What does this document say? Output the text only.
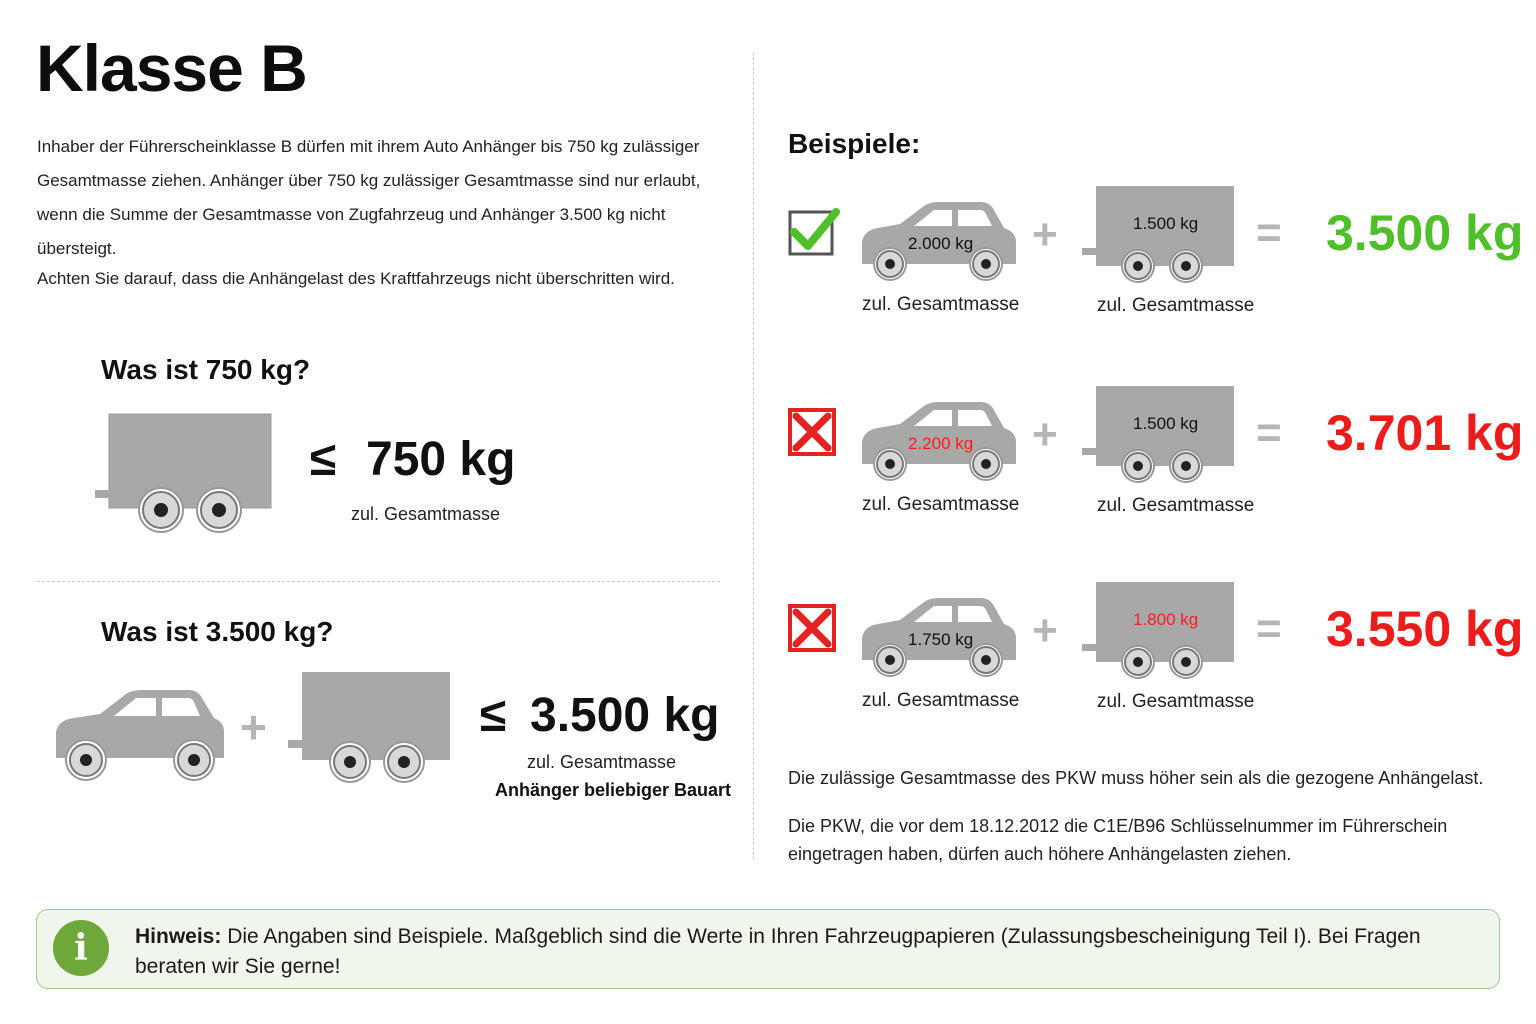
Klasse B
Inhaber der Führerscheinklasse B dürfen mit ihrem Auto Anhänger bis 750 kg zulässiger Gesamtmasse ziehen. Anhänger über 750 kg zulässiger Gesamtmasse sind nur erlaubt, wenn die Summe der Gesamtmasse von Zugfahrzeug und Anhänger 3.500 kg nicht übersteigt.
Achten Sie darauf, dass die Anhängelast des Kraftfahrzeugs nicht überschritten wird.
Was ist 750 kg?
≤ 750 kg
zul. Gesamtmasse
Was ist 3.500 kg?
+	≤ 3.500 kg
zul. Gesamtmasse
Anhänger beliebiger Bauart
Beispiele:
2.000 kg
zul. Gesamtmasse
+	1.500 kg
zul. Gesamtmasse
= 3.500 kg
2.200 kg
zul. Gesamtmasse
+	1.500 kg
zul. Gesamtmasse
= 3.701 kg
1.750 kg
zul. Gesamtmasse
+	1.800 kg
zul. Gesamtmasse
= 3.550 kg
Die zulässige Gesamtmasse des PKW muss höher sein als die gezogene Anhängelast.
Die PKW, die vor dem 18.12.2012 die C1E/B96 Schlüsselnummer im Führerschein eingetragen haben, dürfen auch höhere Anhängelasten ziehen.
i	Hinweis: Die Angaben sind Beispiele. Maßgeblich sind die Werte in Ihren Fahrzeugpapieren (Zulassungsbescheinigung Teil I). Bei Fragen beraten wir Sie gerne!
